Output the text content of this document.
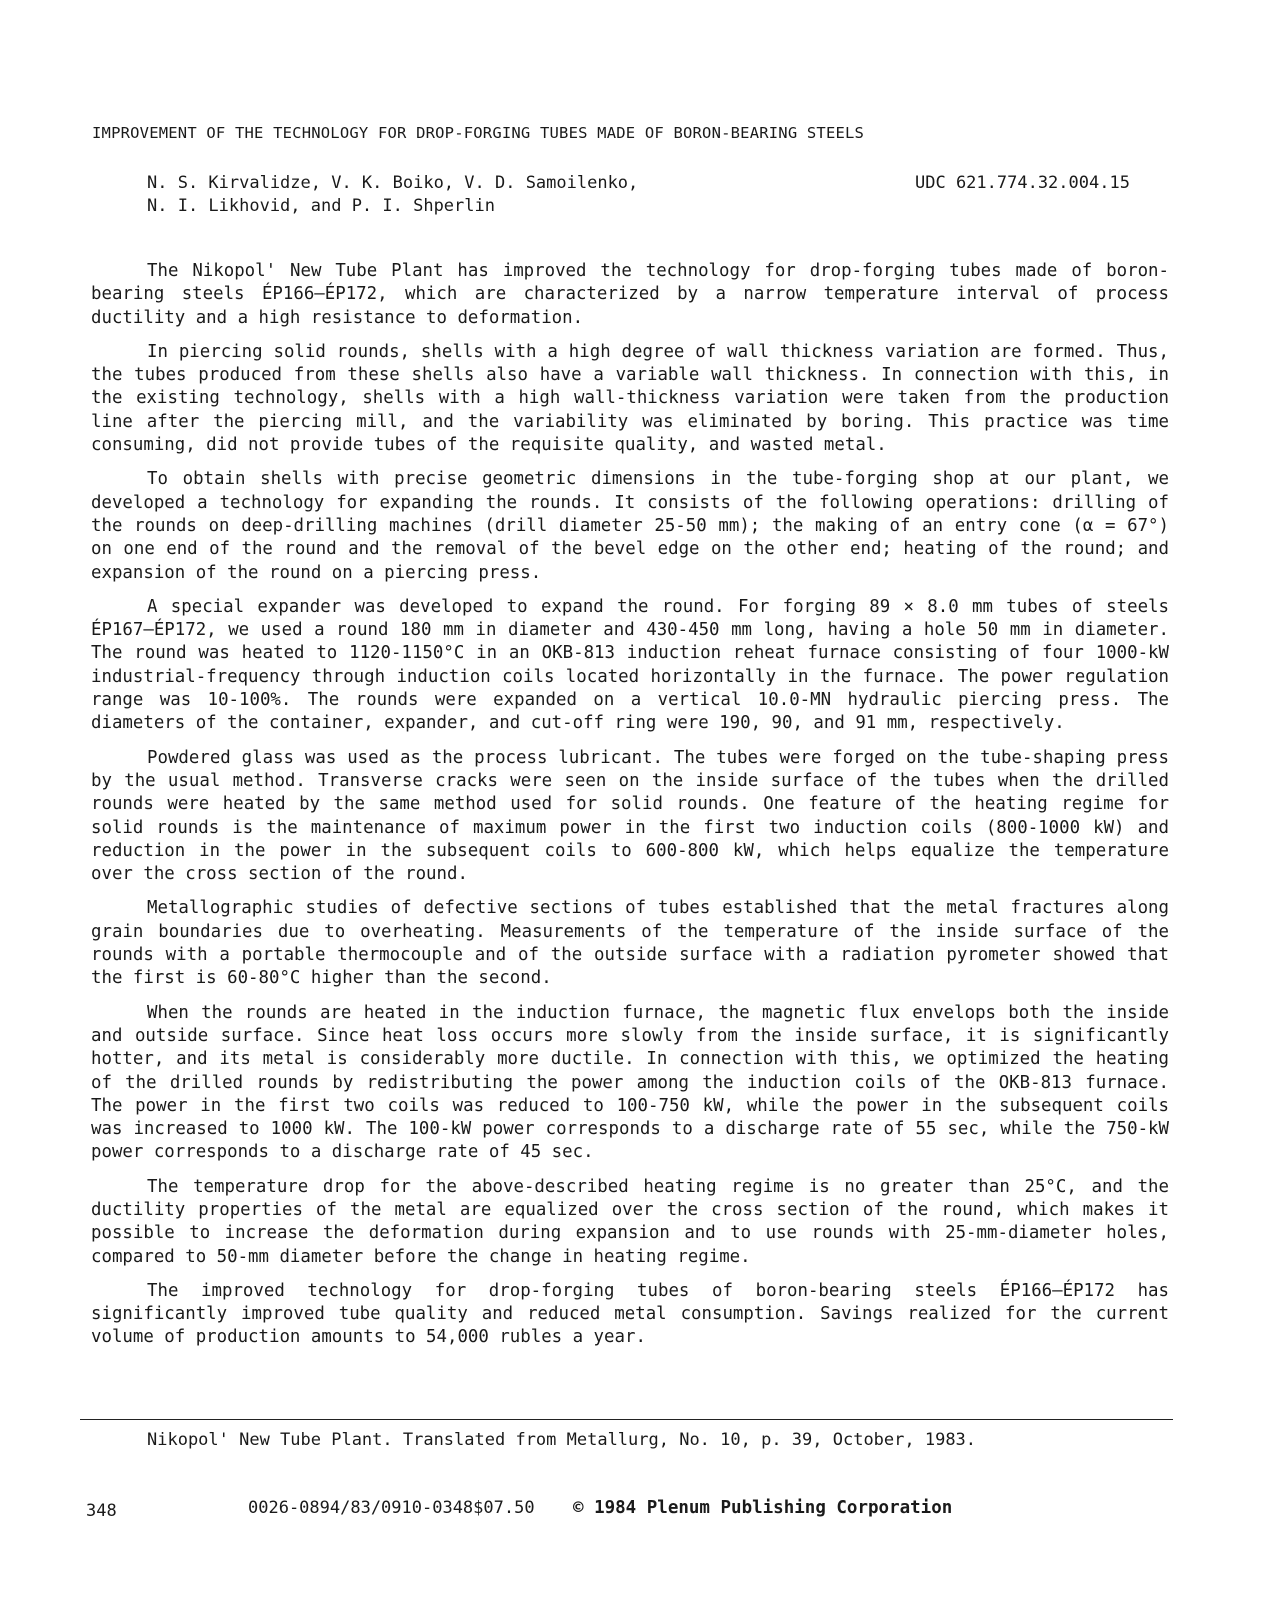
IMPROVEMENT OF THE TECHNOLOGY FOR DROP-FORGING TUBES MADE OF BORON-BEARING STEELS
N. S. Kirvalidze, V. K. Boiko, V. D. Samoilenko,
N. I. Likhovid, and P. I. Shperlin
UDC 621.774.32.004.15

The Nikopol' New Tube Plant has improved the technology for drop-forging tubes made of boron-bearing steels ÉP166—ÉP172, which are characterized by a narrow temperature interval of process ductility and a high resistance to deformation.

In piercing solid rounds, shells with a high degree of wall thickness variation are formed. Thus, the tubes produced from these shells also have a variable wall thickness. In connection with this, in the existing technology, shells with a high wall-thickness variation were taken from the production line after the piercing mill, and the variability was eliminated by boring. This practice was time consuming, did not provide tubes of the requisite quality, and wasted metal.

To obtain shells with precise geometric dimensions in the tube-forging shop at our plant, we developed a technology for expanding the rounds. It consists of the following operations: drilling of the rounds on deep-drilling machines (drill diameter 25-50 mm); the making of an entry cone (α = 67°) on one end of the round and the removal of the bevel edge on the other end; heating of the round; and expansion of the round on a piercing press.

A special expander was developed to expand the round. For forging 89 × 8.0 mm tubes of steels ÉP167—ÉP172, we used a round 180 mm in diameter and 430-450 mm long, having a hole 50 mm in diameter. The round was heated to 1120-1150°C in an OKB-813 induction reheat furnace consisting of four 1000-kW industrial-frequency through induction coils located horizontally in the furnace. The power regulation range was 10-100%. The rounds were expanded on a vertical 10.0-MN hydraulic piercing press. The diameters of the container, expander, and cut-off ring were 190, 90, and 91 mm, respectively.

Powdered glass was used as the process lubricant. The tubes were forged on the tube-shaping press by the usual method. Transverse cracks were seen on the inside surface of the tubes when the drilled rounds were heated by the same method used for solid rounds. One feature of the heating regime for solid rounds is the maintenance of maximum power in the first two induction coils (800-1000 kW) and reduction in the power in the subsequent coils to 600-800 kW, which helps equalize the temperature over the cross section of the round.

Metallographic studies of defective sections of tubes established that the metal fractures along grain boundaries due to overheating. Measurements of the temperature of the inside surface of the rounds with a portable thermocouple and of the outside surface with a radiation pyrometer showed that the first is 60-80°C higher than the second.

When the rounds are heated in the induction furnace, the magnetic flux envelops both the inside and outside surface. Since heat loss occurs more slowly from the inside surface, it is significantly hotter, and its metal is considerably more ductile. In connection with this, we optimized the heating of the drilled rounds by redistributing the power among the induction coils of the OKB-813 furnace. The power in the first two coils was reduced to 100-750 kW, while the power in the subsequent coils was increased to 1000 kW. The 100-kW power corresponds to a discharge rate of 55 sec, while the 750-kW power corresponds to a discharge rate of 45 sec.

The temperature drop for the above-described heating regime is no greater than 25°C, and the ductility properties of the metal are equalized over the cross section of the round, which makes it possible to increase the deformation during expansion and to use rounds with 25-mm-diameter holes, compared to 50-mm diameter before the change in heating regime.

The improved technology for drop-forging tubes of boron-bearing steels ÉP166—ÉP172 has significantly improved tube quality and reduced metal consumption. Savings realized for the current volume of production amounts to 54,000 rubles a year.

Nikopol' New Tube Plant. Translated from Metallurg, No. 10, p. 39, October, 1983.
348	0026-0894/83/0910-0348$07.50 © 1984 Plenum Publishing Corporation
